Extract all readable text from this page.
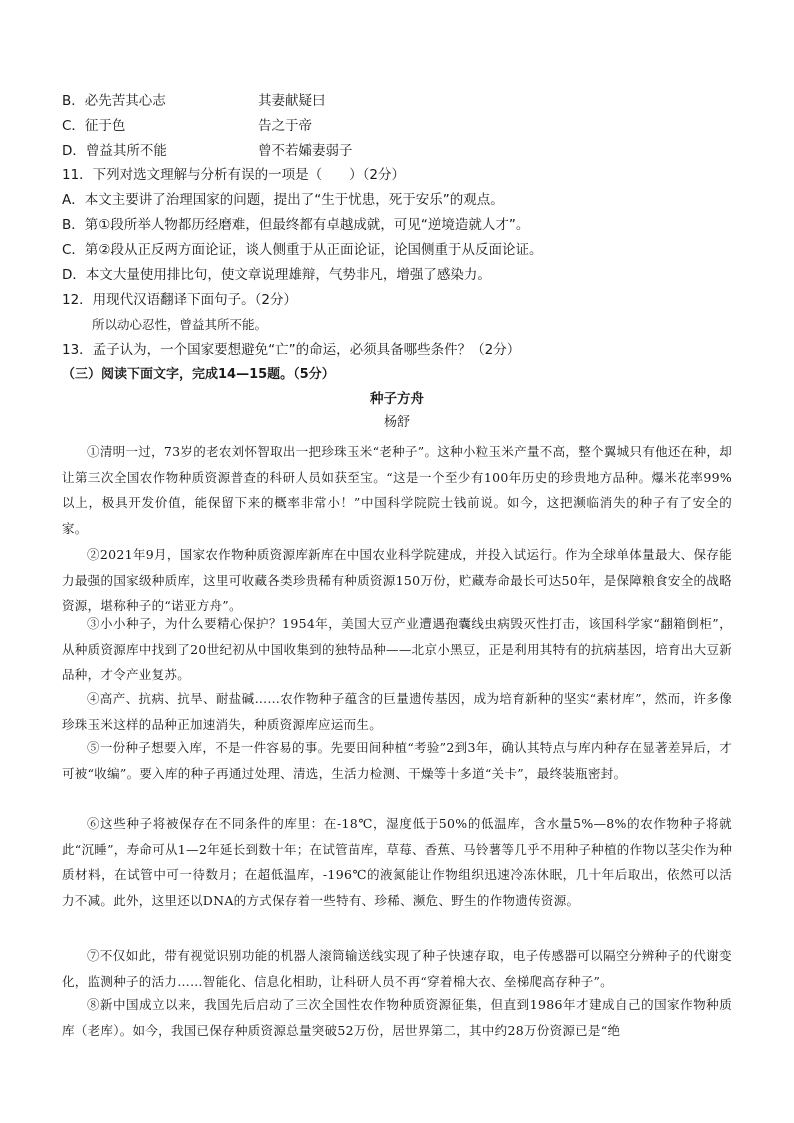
B．必先苦其心志	其妻献疑曰
C．征于色	告之于帝
D．曾益其所不能	曾不若孀妻弱子
11．下列对选文理解与分析有误的一项是（　　）（2分）
A．本文主要讲了治理国家的问题，提出了“生于忧患，死于安乐”的观点。
B．第①段所举人物都历经磨难，但最终都有卓越成就，可见“逆境造就人才”。
C．第②段从正反两方面论证，谈人侧重于从正面论证，论国侧重于从反面论证。
D．本文大量使用排比句，使文章说理雄辩，气势非凡，增强了感染力。
12．用现代汉语翻译下面句子。（2分）
所以动心忍性，曾益其所不能。
13．孟子认为，一个国家要想避免“亡”的命运，必须具备哪些条件？（2分）
（三）阅读下面文字，完成14—15题。（5分）
种子方舟
杨舒
①清明一过，73岁的老农刘怀智取出一把珍珠玉米“老种子”。这种小粒玉米产量不高，整个翼城只有他还在种，却让第三次全国农作物种质资源普查的科研人员如获至宝。“这是一个至少有100年历史的珍贵地方品种。爆米花率99%以上，极具开发价值，能保留下来的概率非常小！”中国科学院院士钱前说。如今，这把濒临消失的种子有了安全的家。
②2021年9月，国家农作物种质资源库新库在中国农业科学院建成，并投入试运行。作为全球单体量最大、保存能力最强的国家级种质库，这里可收藏各类珍贵稀有种质资源150万份，贮藏寿命最长可达50年，是保障粮食安全的战略资源，堪称种子的“诺亚方舟”。
③小小种子，为什么要精心保护？1954年，美国大豆产业遭遇孢囊线虫病毁灭性打击，该国科学家“翻箱倒柜”，从种质资源库中找到了20世纪初从中国收集到的独特品种——北京小黑豆，正是利用其特有的抗病基因，培育出大豆新品种，才令产业复苏。
④高产、抗病、抗旱、耐盐碱……农作物种子蕴含的巨量遗传基因，成为培育新种的坚实“素材库”，然而，许多像珍珠玉米这样的品种正加速消失，种质资源库应运而生。
⑤一份种子想要入库，不是一件容易的事。先要田间种植“考验”2到3年，确认其特点与库内种存在显著差异后，才可被“收编”。要入库的种子再通过处理、清选，生活力检测、干燥等十多道“关卡”，最终装瓶密封。
⑥这些种子将被保存在不同条件的库里：在-18℃，湿度低于50%的低温库，含水量5%—8%的农作物种子将就此“沉睡”，寿命可从1—2年延长到数十年；在试管苗库，草莓、香蕉、马铃薯等几乎不用种子种植的作物以茎尖作为种质材料，在试管中可一待数月；在超低温库，-196℃的液氮能让作物组织迅速冷冻休眠，几十年后取出，依然可以活力不减。此外，这里还以DNA的方式保存着一些特有、珍稀、濒危、野生的作物遗传资源。
⑦不仅如此，带有视觉识别功能的机器人滚筒输送线实现了种子快速存取，电子传感器可以隔空分辨种子的代谢变化，监测种子的活力……智能化、信息化相助，让科研人员不再“穿着棉大衣、垒梯爬高存种子”。
⑧新中国成立以来，我国先后启动了三次全国性农作物种质资源征集，但直到1986年才建成自己的国家作物种质库（老库）。如今，我国已保存种质资源总量突破52万份，居世界第二，其中约28万份资源已是“绝
